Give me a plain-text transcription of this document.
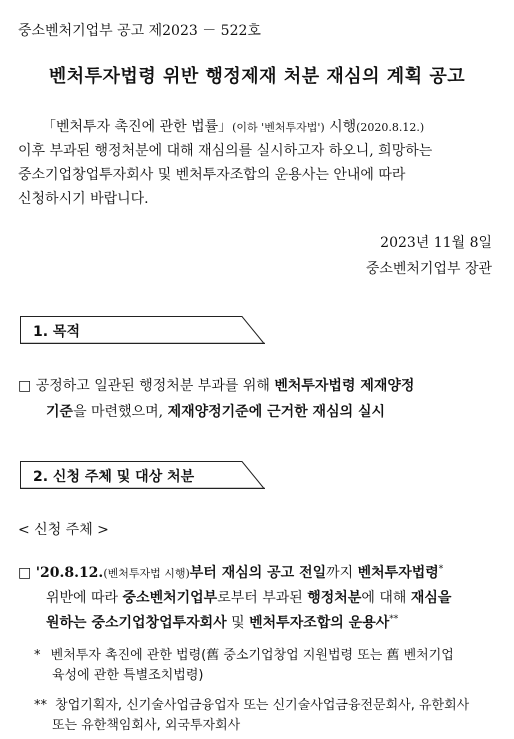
중소벤처기업부 공고 제2023 － 522호
벤처투자법령 위반 행정제재 처분 재심의 계획 공고
「벤처투자 촉진에 관한 법률」(이하 '벤처투자법') 시행(2020.8.12.)
이후 부과된 행정처분에 대해 재심의를 실시하고자 하오니, 희망하는
중소기업창업투자회사 및 벤처투자조합의 운용사는 안내에 따라
신청하시기 바랍니다.
2023년 11월 8일
중소벤처기업부 장관
1. 목적
□ 공정하고 일관된 행정처분 부과를 위해 벤처투자법령 제재양정
기준을 마련했으며, 제재양정기준에 근거한 재심의 실시
2. 신청 주체 및 대상 처분
< 신청 주체 >
□ '20.8.12.(벤처투자법 시행)부터 재심의 공고 전일까지 벤처투자법령*
위반에 따라 중소벤처기업부로부터 부과된 행정처분에 대해 재심을
원하는 중소기업창업투자회사 및 벤처투자조합의 운용사**
* 벤처투자 촉진에 관한 법령(舊 중소기업창업 지원법령 또는 舊 벤처기업
육성에 관한 특별조치법령)
** 창업기획자, 신기술사업금융업자 또는 신기술사업금융전문회사, 유한회사
또는 유한책임회사, 외국투자회사
